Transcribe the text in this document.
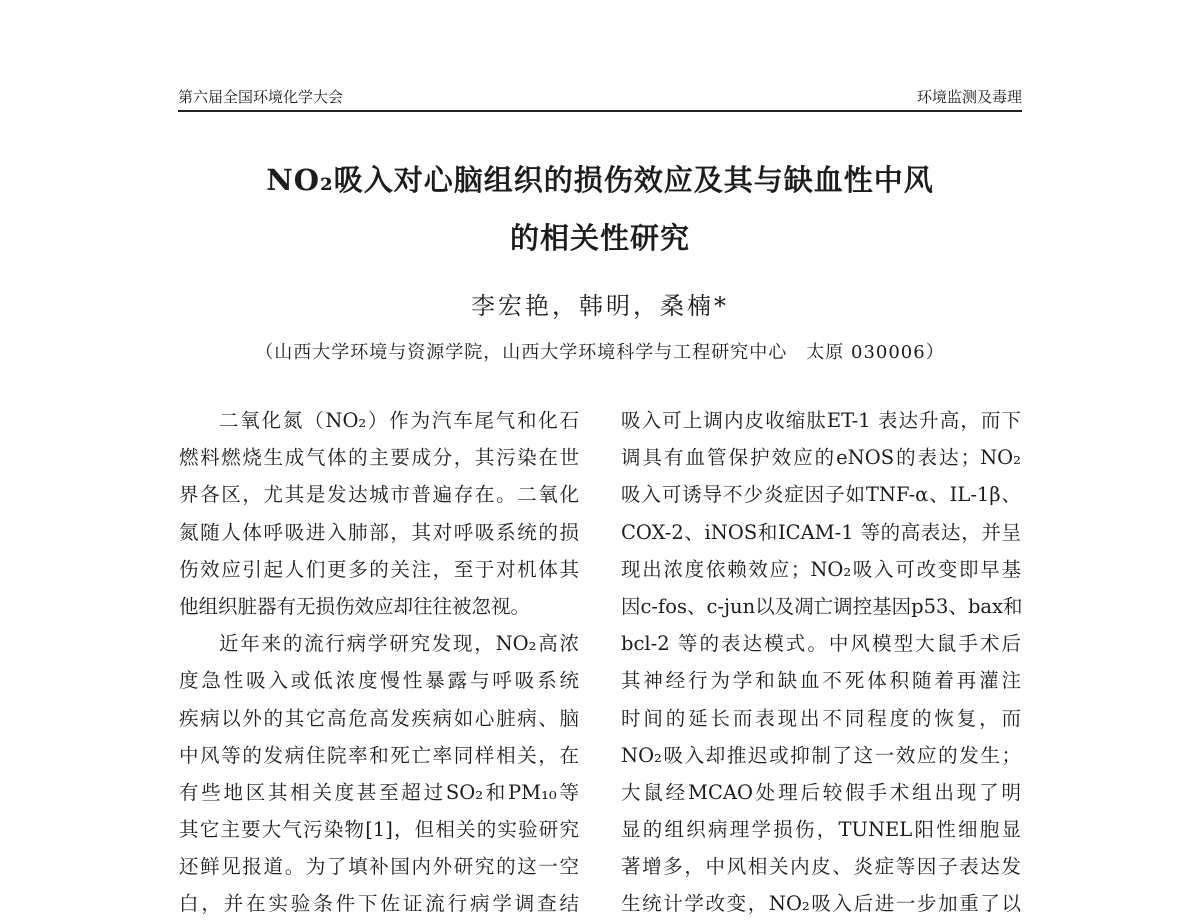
第六届全国环境化学大会	环境监测及毒理
NO₂吸入对心脑组织的损伤效应及其与缺血性中风
的相关性研究
李宏艳，韩明，桑楠*
（山西大学环境与资源学院，山西大学环境科学与工程研究中心　太原 030006）
二氧化氮（NO₂）作为汽车尾气和化石
燃料燃烧生成气体的主要成分，其污染在世
界各区，尤其是发达城市普遍存在。二氧化
氮随人体呼吸进入肺部，其对呼吸系统的损
伤效应引起人们更多的关注，至于对机体其
他组织脏器有无损伤效应却往往被忽视。
近年来的流行病学研究发现，NO₂高浓
度急性吸入或低浓度慢性暴露与呼吸系统
疾病以外的其它高危高发疾病如心脏病、脑
中风等的发病住院率和死亡率同样相关，在
有些地区其相关度甚至超过SO₂和PM₁₀等
其它主要大气污染物[1]，但相关的实验研究
还鲜见报道。为了填补国内外研究的这一空
白，并在实验条件下佐证流行病学调查结
吸入可上调内皮收缩肽ET-1 表达升高，而下
调具有血管保护效应的eNOS的表达；NO₂
吸入可诱导不少炎症因子如TNF-α、IL-1β、
COX-2、iNOS和ICAM-1 等的高表达，并呈
现出浓度依赖效应；NO₂吸入可改变即早基
因c-fos、c-jun以及凋亡调控基因p53、bax和
bcl-2 等的表达模式。中风模型大鼠手术后
其神经行为学和缺血不死体积随着再灌注
时间的延长而表现出不同程度的恢复，而
NO₂吸入却推迟或抑制了这一效应的发生；
大鼠经MCAO处理后较假手术组出现了明
显的组织病理学损伤，TUNEL阳性细胞显
著增多，中风相关内皮、炎症等因子表达发
生统计学改变，NO₂吸入后进一步加重了以
